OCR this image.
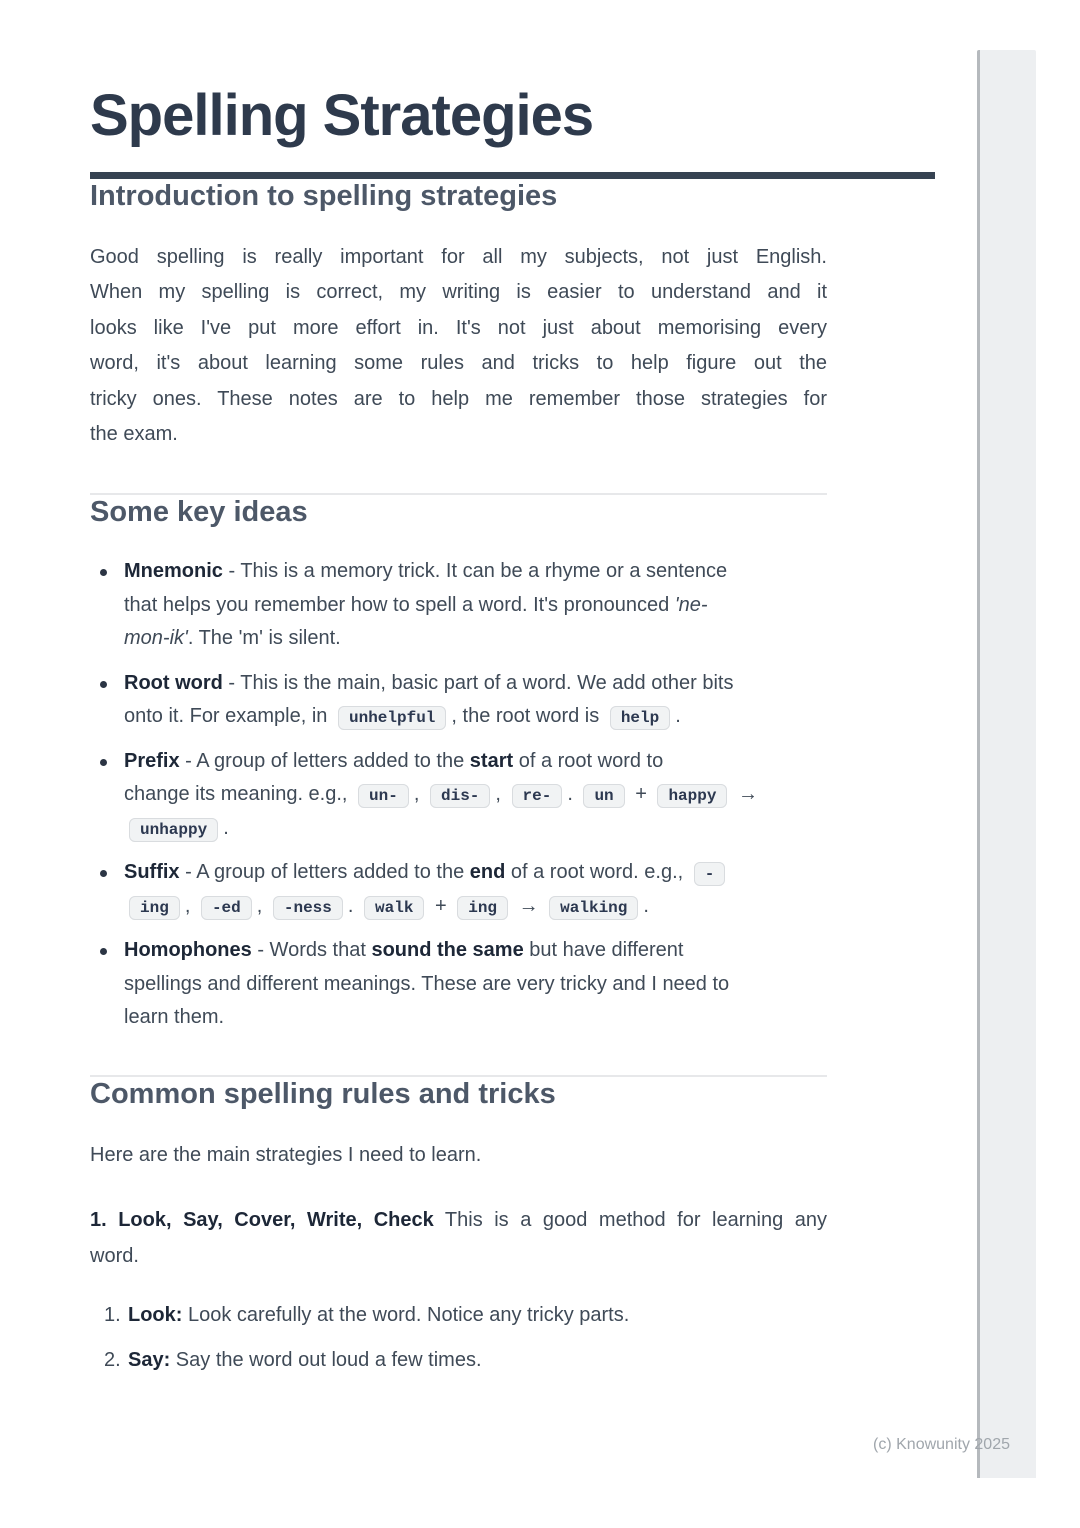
Spelling Strategies
Introduction to spelling strategies

Good spelling is really important for all my subjects, not just English.
When my spelling is correct, my writing is easier to understand and it
looks like I've put more effort in. It's not just about memorising every
word, it's about learning some rules and tricks to help figure out the
tricky ones. These notes are to help me remember those strategies for

the exam.

Some key ideas
Mnemonic - This is a memory trick. It can be a rhyme or a sentence
that helps you remember how to spell a word. It's pronounced 'ne-
mon-ik'. The 'm' is silent.
Root word - This is the main, basic part of a word. We add other bits
onto it. For example, in unhelpful , the root word is help .
Prefix - A group of letters added to the start of a root word to
change its meaning. e.g., un- , dis- , re- . un + happy →
unhappy .
Suffix - A group of letters added to the end of a root word. e.g., -
ing , -ed , -ness . walk + ing → walking .
Homophones - Words that sound the same but have different
spellings and different meanings. These are very tricky and I need to
learn them.
Common spelling rules and tricks

Here are the main strategies I need to learn.

1. Look, Say, Cover, Write, Check This is a good method for learning any

word.

1. Look: Look carefully at the word. Notice any tricky parts.
2. Say: Say the word out loud a few times.
(c) Knowunity 2025
